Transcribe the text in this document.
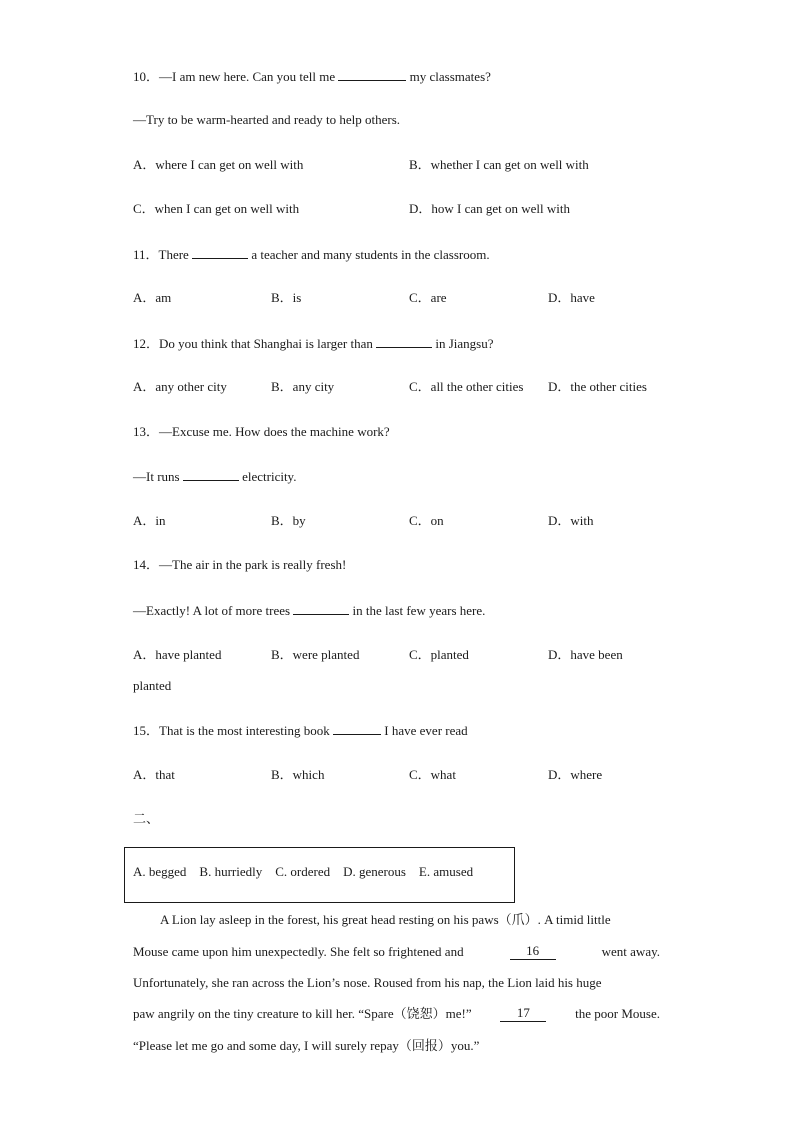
10．—I am new here. Can you tell me	my classmates?
—Try to be warm-hearted and ready to help others.
A．where I can get on well with	B．whether I can get on well with
C．when I can get on well with	D．how I can get on well with
11．There	a teacher and many students in the classroom.
A．am	B．is	C．are	D．have
12．Do you think that Shanghai is larger than	in Jiangsu?
A．any other city	B．any city	C．all the other cities D．the other cities
13．—Excuse me. How does the machine work?
—It runs	electricity.
A．in	B．by	C．on	D．with
14．—The air in the park is really fresh!
—Exactly! A lot of more trees	in the last few years here.
A．have planted	B．were planted	C．planted	D．have been
planted
15．That is the most interesting book	I have ever read
A．that	B．which	C．what	D．where
二、
A. begged    B. hurriedly    C. ordered    D. generous    E. amused
A Lion lay asleep in the forest, his great head resting on his paws（爪）. A timid little
Mouse came upon him unexpectedly. She felt so frightened and	16	went away.
Unfortunately, she ran across the Lion’s nose. Roused from his nap, the Lion laid his huge
paw angrily on the tiny creature to kill her. “Spare（饶恕）me!”	17	the poor Mouse.
“Please let me go and some day, I will surely repay（回报）you.”
